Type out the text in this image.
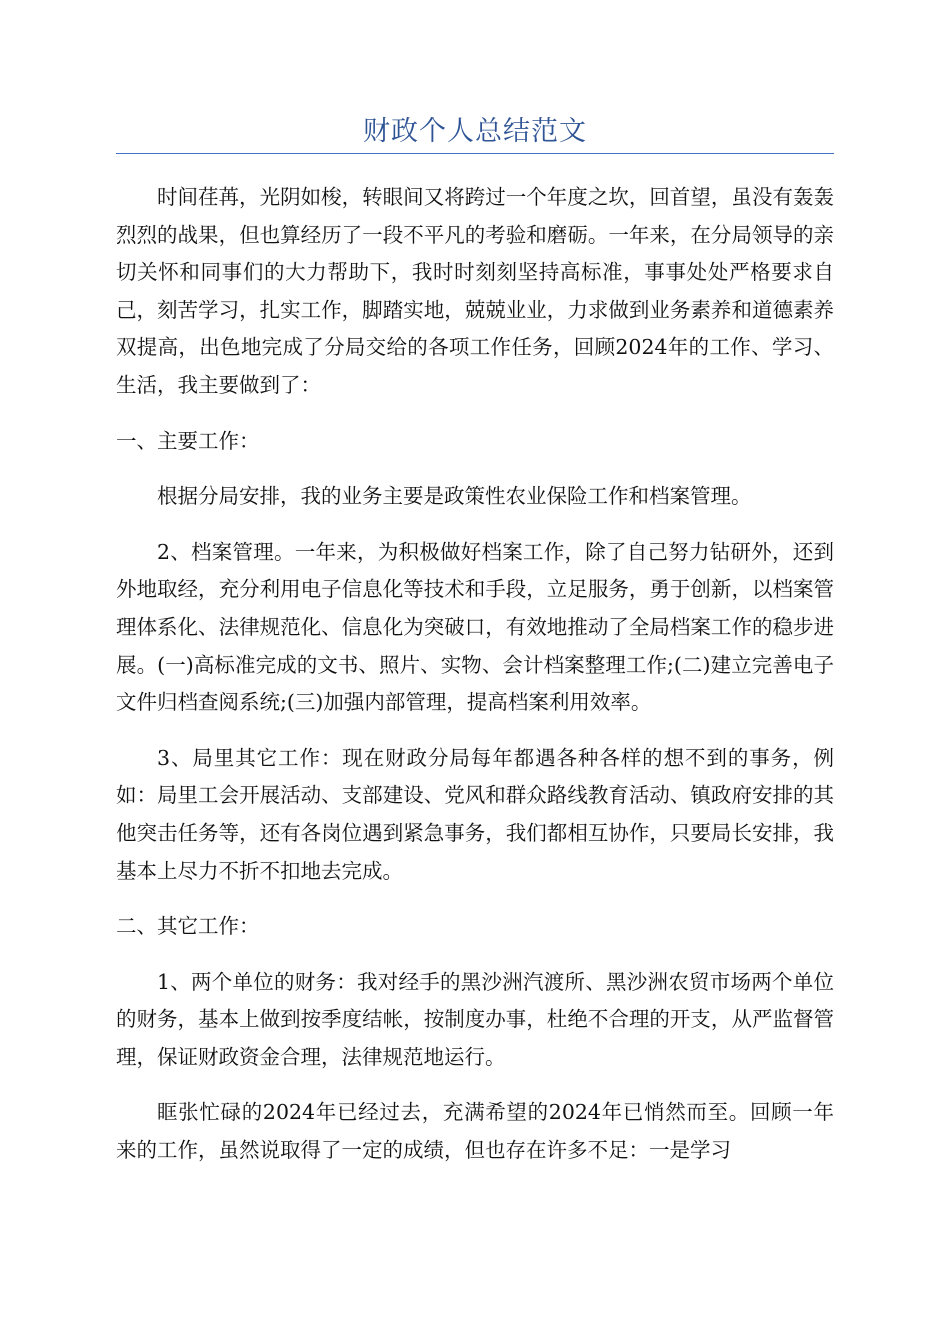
财政个人总结范文

时间荏苒，光阴如梭，转眼间又将跨过一个年度之坎，回首望，虽没有轰轰烈烈的战果，但也算经历了一段不平凡的考验和磨砺。一年来，在分局领导的亲切关怀和同事们的大力帮助下，我时时刻刻坚持高标准，事事处处严格要求自己，刻苦学习，扎实工作，脚踏实地，兢兢业业，力求做到业务素养和道德素养双提高，出色地完成了分局交给的各项工作任务，回顾2024年的工作、学习、生活，我主要做到了：

一、主要工作：

根据分局安排，我的业务主要是政策性农业保险工作和档案管理。

2、档案管理。一年来，为积极做好档案工作，除了自己努力钻研外，还到外地取经，充分利用电子信息化等技术和手段，立足服务，勇于创新，以档案管理体系化、法律规范化、信息化为突破口，有效地推动了全局档案工作的稳步进展。(一)高标准完成的文书、照片、实物、会计档案整理工作;(二)建立完善电子文件归档查阅系统;(三)加强内部管理，提高档案利用效率。

3、局里其它工作：现在财政分局每年都遇各种各样的想不到的事务，例如：局里工会开展活动、支部建设、党风和群众路线教育活动、镇政府安排的其他突击任务等，还有各岗位遇到紧急事务，我们都相互协作，只要局长安排，我基本上尽力不折不扣地去完成。

二、其它工作：

1、两个单位的财务：我对经手的黑沙洲汽渡所、黑沙洲农贸市场两个单位的财务，基本上做到按季度结帐，按制度办事，杜绝不合理的开支，从严监督管理，保证财政资金合理，法律规范地运行。

眶张忙碌的2024年已经过去，充满希望的2024年已悄然而至。回顾一年来的工作，虽然说取得了一定的成绩，但也存在许多不足：一是学习
